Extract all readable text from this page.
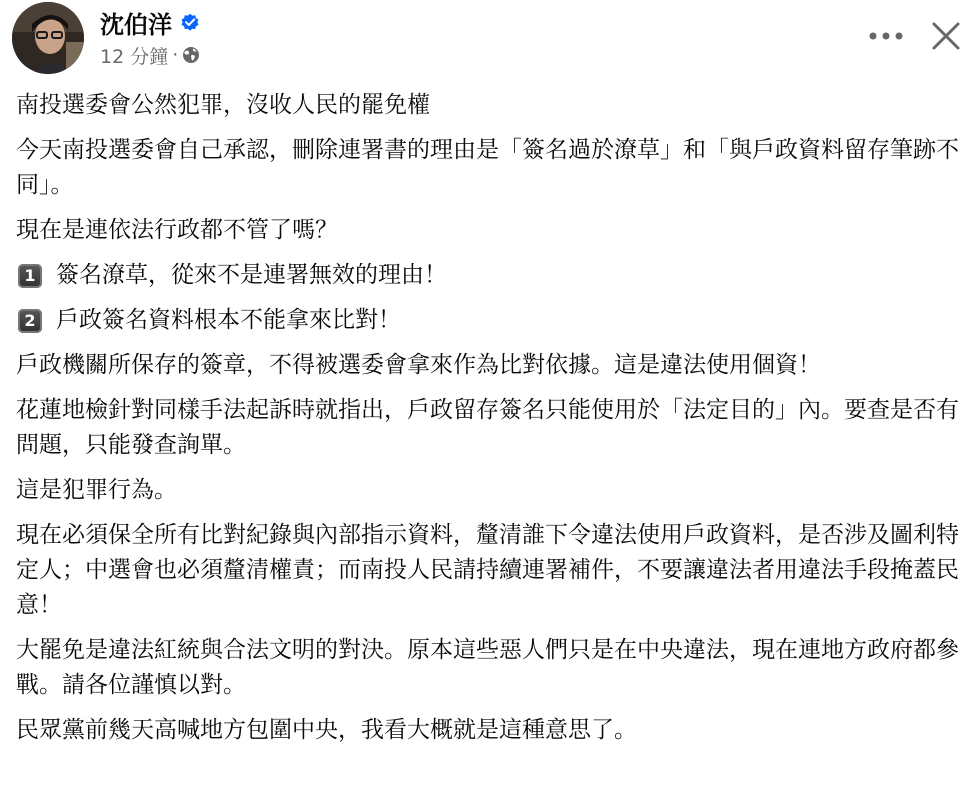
沈伯洋
12 分鐘 ·

南投選委會公然犯罪，沒收人民的罷免權

今天南投選委會自己承認，刪除連署書的理由是「簽名過於潦草」和「與戶政資料留存筆跡不同」。

現在是連依法行政都不管了嗎？

1 簽名潦草，從來不是連署無效的理由！

2 戶政簽名資料根本不能拿來比對！

戶政機關所保存的簽章，不得被選委會拿來作為比對依據。這是違法使用個資！

花蓮地檢針對同樣手法起訴時就指出，戶政留存簽名只能使用於「法定目的」內。要查是否有問題，只能發查詢單。

這是犯罪行為。

現在必須保全所有比對紀錄與內部指示資料，釐清誰下令違法使用戶政資料，是否涉及圖利特定人；中選會也必須釐清權責；而南投人民請持續連署補件，不要讓違法者用違法手段掩蓋民意！

大罷免是違法紅統與合法文明的對決。原本這些惡人們只是在中央違法，現在連地方政府都參戰。請各位謹慎以對。

民眾黨前幾天高喊地方包圍中央，我看大概就是這種意思了。
